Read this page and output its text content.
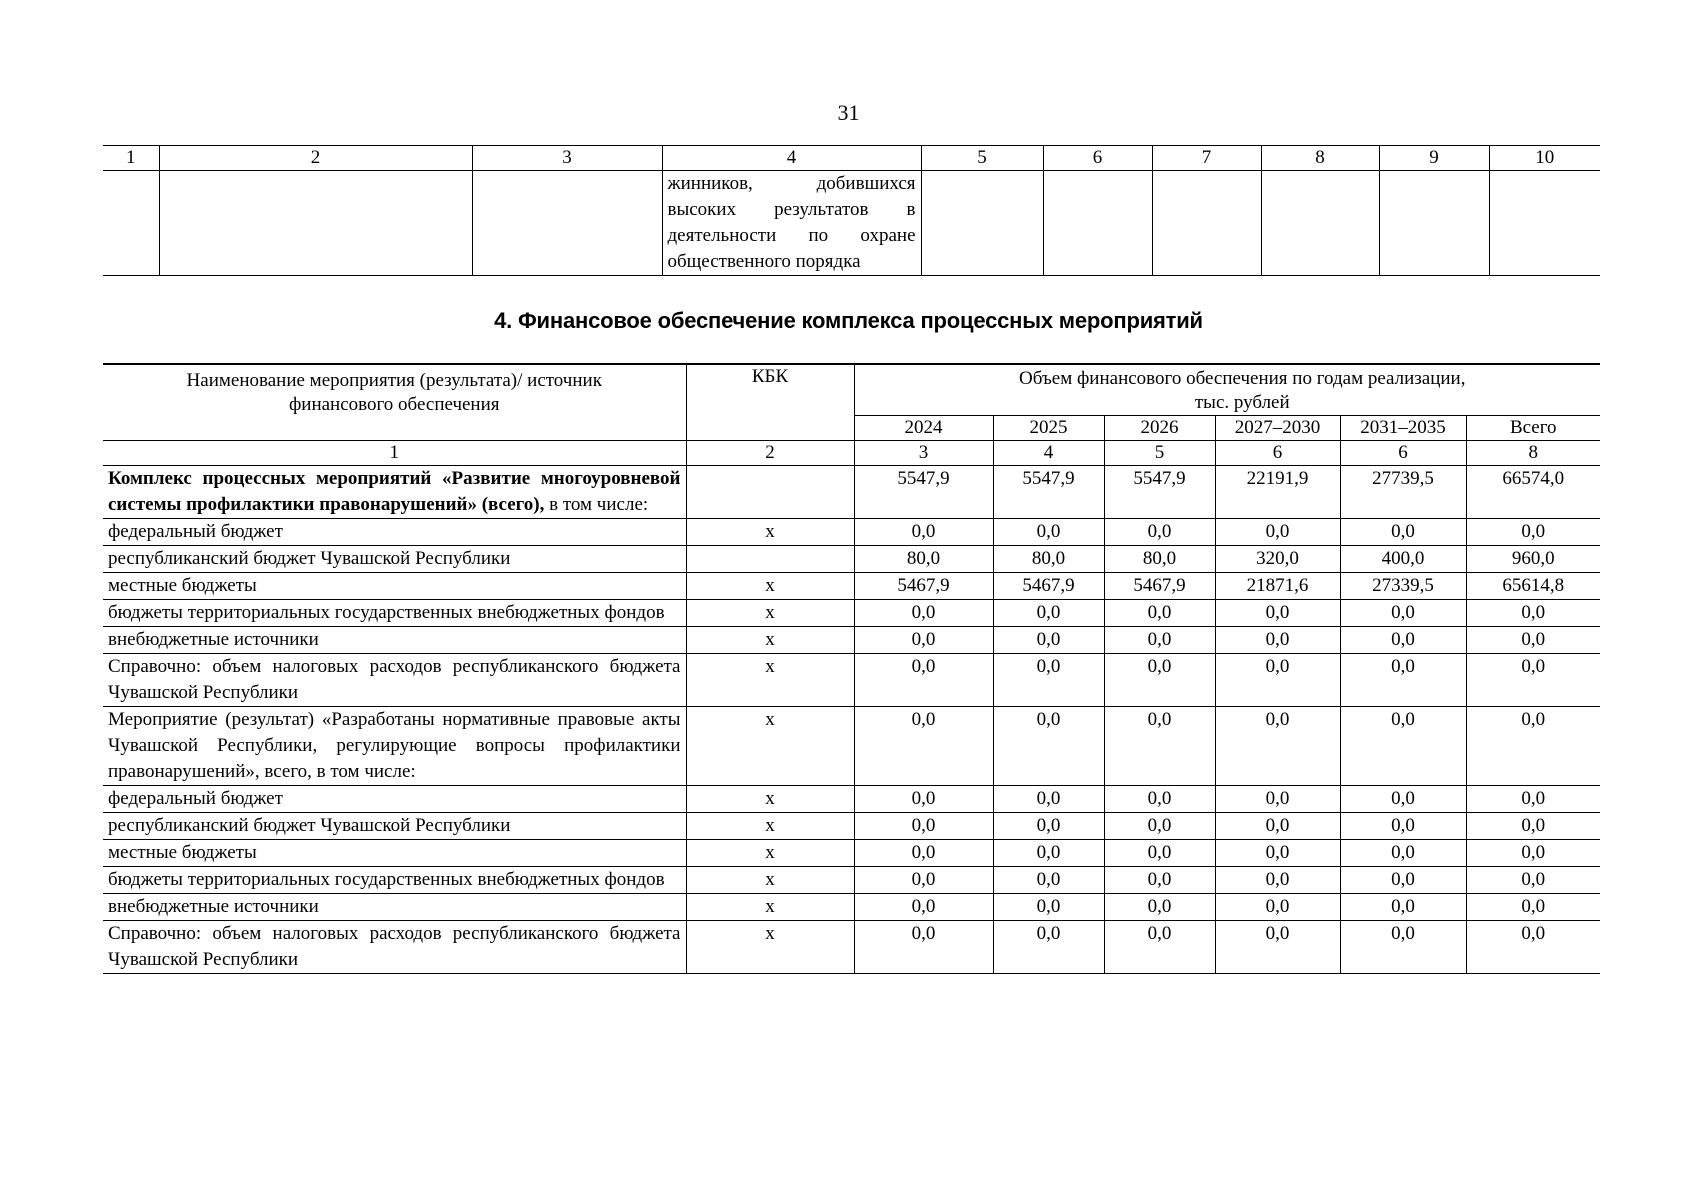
31
1	2	3	4	5	6	7	8	9	10
			жинников, добившихся высоких результатов в деятельности по охране общественного порядка						
4. Финансовое обеспечение комплекса процессных мероприятий
Наименование мероприятия (результата)/ источник финансового обеспечения	КБК	Объем финансового обеспечения по годам реализации, тыс. рублей					

		2024	2025	2026	2027–2030	2031–2035	Всего
1	2	3	4	5	6	6	8
Комплекс процессных мероприятий «Развитие многоуровневой системы профилактики правонарушений» (всего), в том числе:		5547,9	5547,9	5547,9	22191,9	27739,5	66574,0
федеральный бюджет	х	0,0	0,0	0,0	0,0	0,0	0,0
республиканский бюджет Чувашской Республики		80,0	80,0	80,0	320,0	400,0	960,0
местные бюджеты	х	5467,9	5467,9	5467,9	21871,6	27339,5	65614,8
бюджеты территориальных государственных внебюджетных фондов	х	0,0	0,0	0,0	0,0	0,0	0,0
внебюджетные источники	х	0,0	0,0	0,0	0,0	0,0	0,0
Справочно: объем налоговых расходов республиканского бюджета Чувашской Республики	х	0,0	0,0	0,0	0,0	0,0	0,0
Мероприятие (результат) «Разработаны нормативные правовые акты Чувашской Республики, регулирующие вопросы профилактики правонарушений», всего, в том числе:	х	0,0	0,0	0,0	0,0	0,0	0,0
федеральный бюджет	х	0,0	0,0	0,0	0,0	0,0	0,0
республиканский бюджет Чувашской Республики	х	0,0	0,0	0,0	0,0	0,0	0,0
местные бюджеты	х	0,0	0,0	0,0	0,0	0,0	0,0
бюджеты территориальных государственных внебюджетных фондов	х	0,0	0,0	0,0	0,0	0,0	0,0
внебюджетные источники	х	0,0	0,0	0,0	0,0	0,0	0,0
Справочно: объем налоговых расходов республиканского бюджета Чувашской Республики	х	0,0	0,0	0,0	0,0	0,0	0,0
